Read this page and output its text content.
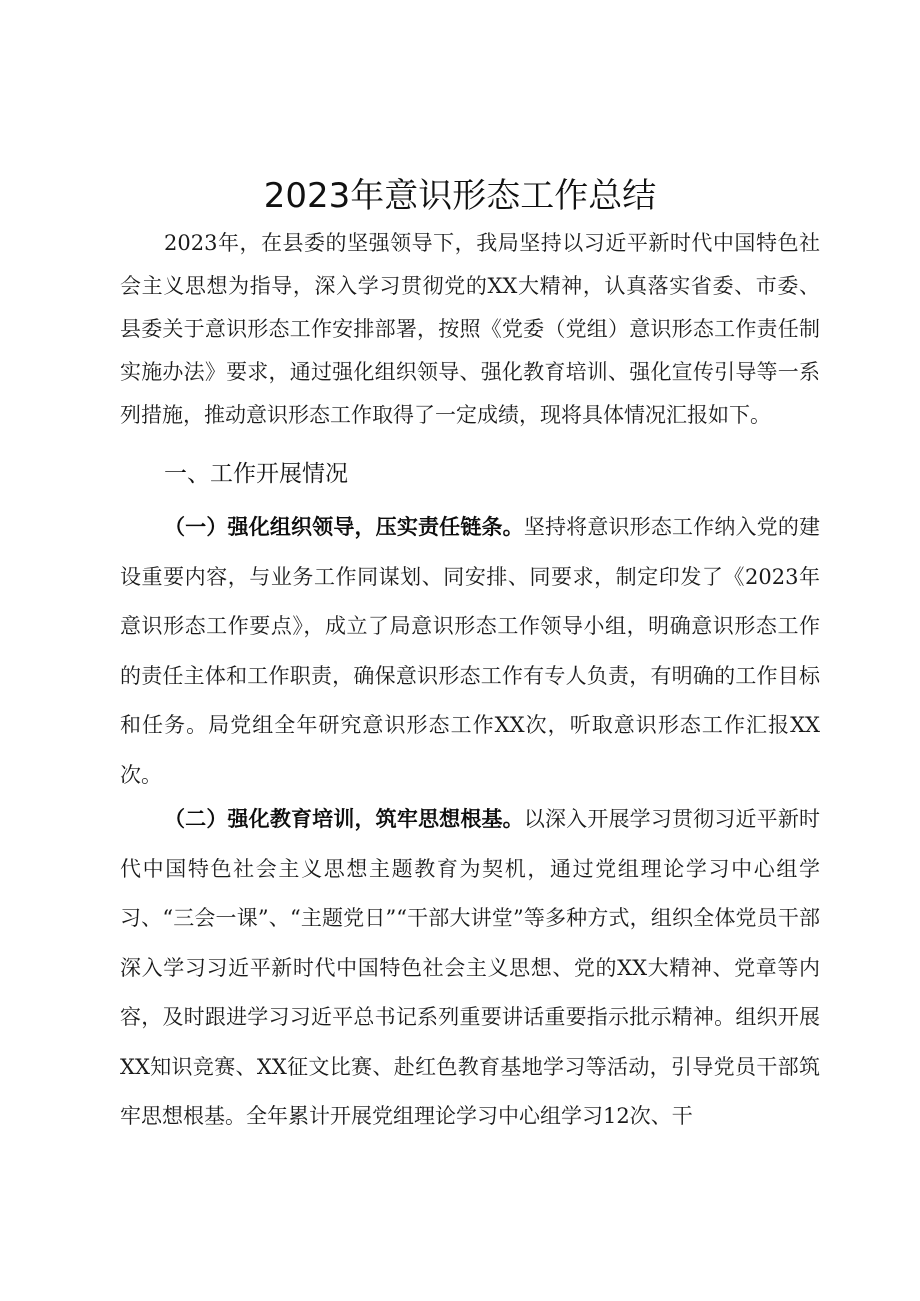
2023年意识形态工作总结

2023年，在县委的坚强领导下，我局坚持以习近平新时代中国特色社会主义思想为指导，深入学习贯彻党的XX大精神，认真落实省委、市委、县委关于意识形态工作安排部署，按照《党委（党组）意识形态工作责任制实施办法》要求，通过强化组织领导、强化教育培训、强化宣传引导等一系列措施，推动意识形态工作取得了一定成绩，现将具体情况汇报如下。

一、工作开展情况

（一）强化组织领导，压实责任链条。坚持将意识形态工作纳入党的建设重要内容，与业务工作同谋划、同安排、同要求，制定印发了《2023年意识形态工作要点》，成立了局意识形态工作领导小组，明确意识形态工作的责任主体和工作职责，确保意识形态工作有专人负责，有明确的工作目标和任务。局党组全年研究意识形态工作XX次，听取意识形态工作汇报XX次。

（二）强化教育培训，筑牢思想根基。以深入开展学习贯彻习近平新时代中国特色社会主义思想主题教育为契机，通过党组理论学习中心组学习、“三会一课”、“主题党日”“干部大讲堂”等多种方式，组织全体党员干部深入学习习近平新时代中国特色社会主义思想、党的XX大精神、党章等内容，及时跟进学习习近平总书记系列重要讲话重要指示批示精神。组织开展XX知识竞赛、XX征文比赛、赴红色教育基地学习等活动，引导党员干部筑牢思想根基。全年累计开展党组理论学习中心组学习12次、干
